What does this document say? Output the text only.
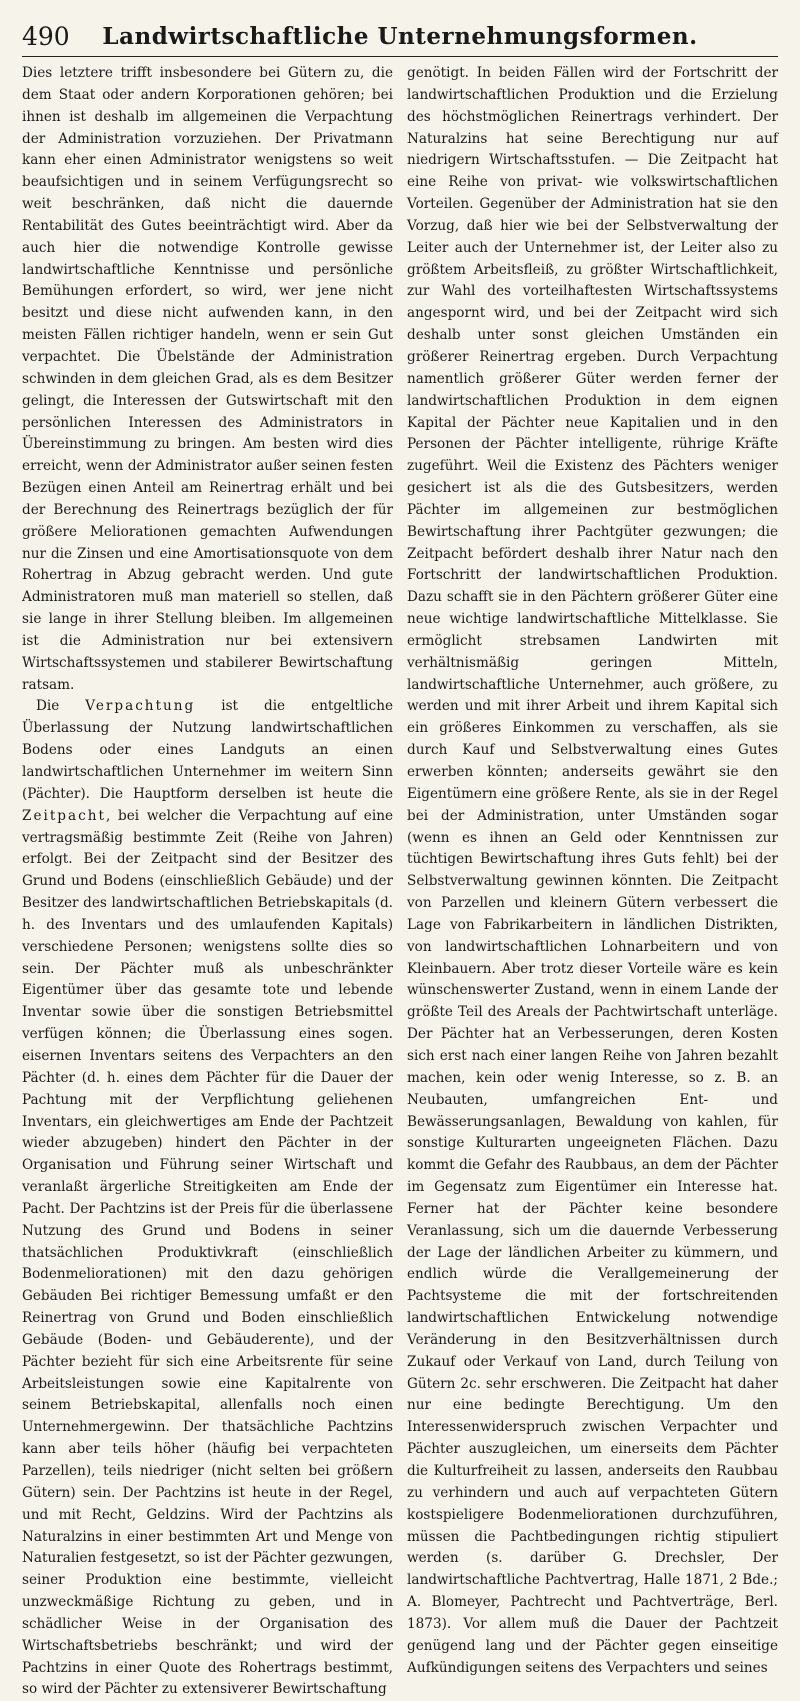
490	Landwirtschaftliche Unternehmungsformen.

Dies letztere trifft insbesondere bei Gütern zu, die dem Staat oder andern Korporationen gehören; bei ihnen ist deshalb im allgemeinen die Verpachtung der Administration vorzuziehen. Der Privatmann kann eher einen Administrator wenigstens so weit beaufsichtigen und in seinem Verfügungsrecht so weit beschränken, daß nicht die dauernde Rentabilität des Gutes beeinträchtigt wird. Aber da auch hier die notwendige Kontrolle gewisse landwirtschaftliche Kenntnisse und persönliche Bemühungen erfordert, so wird, wer jene nicht besitzt und diese nicht aufwenden kann, in den meisten Fällen richtiger handeln, wenn er sein Gut verpachtet. Die Übelstände der Administration schwinden in dem gleichen Grad, als es dem Besitzer gelingt, die Interessen der Gutswirtschaft mit den persönlichen Interessen des Administrators in Übereinstimmung zu bringen. Am besten wird dies erreicht, wenn der Administrator außer seinen festen Bezügen einen Anteil am Reinertrag erhält und bei der Berechnung des Reinertrags bezüglich der für größere Meliorationen gemachten Aufwendungen nur die Zinsen und eine Amortisationsquote von dem Rohertrag in Abzug gebracht werden. Und gute Administratoren muß man materiell so stellen, daß sie lange in ihrer Stellung bleiben. Im allgemeinen ist die Administration nur bei extensivern Wirtschaftssystemen und stabilerer Bewirtschaftung ratsam.

Die Verpachtung ist die entgeltliche Überlassung der Nutzung landwirtschaftlichen Bodens oder eines Landguts an einen landwirtschaftlichen Unternehmer im weitern Sinn (Pächter). Die Hauptform derselben ist heute die Zeitpacht, bei welcher die Verpachtung auf eine vertragsmäßig bestimmte Zeit (Reihe von Jahren) erfolgt. Bei der Zeitpacht sind der Besitzer des Grund und Bodens (einschließlich Gebäude) und der Besitzer des landwirtschaftlichen Betriebskapitals (d. h. des Inventars und des umlaufenden Kapitals) verschiedene Personen; wenigstens sollte dies so sein. Der Pächter muß als unbeschränkter Eigentümer über das gesamte tote und lebende Inventar sowie über die sonstigen Betriebsmittel verfügen können; die Überlassung eines sogen. eisernen Inventars seitens des Verpachters an den Pächter (d. h. eines dem Pächter für die Dauer der Pachtung mit der Verpflichtung geliehenen Inventars, ein gleichwertiges am Ende der Pachtzeit wieder abzugeben) hindert den Pächter in der Organisation und Führung seiner Wirtschaft und veranlaßt ärgerliche Streitigkeiten am Ende der Pacht. Der Pachtzins ist der Preis für die überlassene Nutzung des Grund und Bodens in seiner thatsächlichen Produktivkraft (einschließlich Bodenmeliorationen) mit den dazu gehörigen Gebäuden Bei richtiger Bemessung umfaßt er den Reinertrag von Grund und Boden einschließlich Gebäude (Boden- und Gebäuderente), und der Pächter bezieht für sich eine Arbeitsrente für seine Arbeitsleistungen sowie eine Kapitalrente von seinem Betriebskapital, allenfalls noch einen Unternehmergewinn. Der thatsächliche Pachtzins kann aber teils höher (häufig bei verpachteten Parzellen), teils niedriger (nicht selten bei größern Gütern) sein. Der Pachtzins ist heute in der Regel, und mit Recht, Geldzins. Wird der Pachtzins als Naturalzins in einer bestimmten Art und Menge von Naturalien festgesetzt, so ist der Pächter gezwungen, seiner Produktion eine bestimmte, vielleicht unzweckmäßige Richtung zu geben, und in schädlicher Weise in der Organisation des Wirtschaftsbetriebs beschränkt; und wird der Pachtzins in einer Quote des Rohertrags bestimmt, so wird der Pächter zu extensiverer Bewirtschaftung

genötigt. In beiden Fällen wird der Fortschritt der landwirtschaftlichen Produktion und die Erzielung des höchstmöglichen Reinertrags verhindert. Der Naturalzins hat seine Berechtigung nur auf niedrigern Wirtschaftsstufen. — Die Zeitpacht hat eine Reihe von privat- wie volkswirtschaftlichen Vorteilen. Gegenüber der Administration hat sie den Vorzug, daß hier wie bei der Selbstverwaltung der Leiter auch der Unternehmer ist, der Leiter also zu größtem Arbeitsfleiß, zu größter Wirtschaftlichkeit, zur Wahl des vorteilhaftesten Wirtschaftssystems angespornt wird, und bei der Zeitpacht wird sich deshalb unter sonst gleichen Umständen ein größerer Reinertrag ergeben. Durch Verpachtung namentlich größerer Güter werden ferner der landwirtschaftlichen Produktion in dem eignen Kapital der Pächter neue Kapitalien und in den Personen der Pächter intelligente, rührige Kräfte zugeführt. Weil die Existenz des Pächters weniger gesichert ist als die des Gutsbesitzers, werden Pächter im allgemeinen zur bestmöglichen Bewirtschaftung ihrer Pachtgüter gezwungen; die Zeitpacht befördert deshalb ihrer Natur nach den Fortschritt der landwirtschaftlichen Produktion. Dazu schafft sie in den Pächtern größerer Güter eine neue wichtige landwirtschaftliche Mittelklasse. Sie ermöglicht strebsamen Landwirten mit verhältnismäßig geringen Mitteln, landwirtschaftliche Unternehmer, auch größere, zu werden und mit ihrer Arbeit und ihrem Kapital sich ein größeres Einkommen zu verschaffen, als sie durch Kauf und Selbstverwaltung eines Gutes erwerben könnten; anderseits gewährt sie den Eigentümern eine größere Rente, als sie in der Regel bei der Administration, unter Umständen sogar (wenn es ihnen an Geld oder Kenntnissen zur tüchtigen Bewirtschaftung ihres Guts fehlt) bei der Selbstverwaltung gewinnen könnten. Die Zeitpacht von Parzellen und kleinern Gütern verbessert die Lage von Fabrikarbeitern in ländlichen Distrikten, von landwirtschaftlichen Lohnarbeitern und von Kleinbauern. Aber trotz dieser Vorteile wäre es kein wünschenswerter Zustand, wenn in einem Lande der größte Teil des Areals der Pachtwirtschaft unterläge. Der Pächter hat an Verbesserungen, deren Kosten sich erst nach einer langen Reihe von Jahren bezahlt machen, kein oder wenig Interesse, so z. B. an Neubauten, umfangreichen Ent- und Bewässerungsanlagen, Bewaldung von kahlen, für sonstige Kulturarten ungeeigneten Flächen. Dazu kommt die Gefahr des Raubbaus, an dem der Pächter im Gegensatz zum Eigentümer ein Interesse hat. Ferner hat der Pächter keine besondere Veranlassung, sich um die dauernde Verbesserung der Lage der ländlichen Arbeiter zu kümmern, und endlich würde die Verallgemeinerung der Pachtsysteme die mit der fortschreitenden landwirtschaftlichen Entwickelung notwendige Veränderung in den Besitzverhältnissen durch Zukauf oder Verkauf von Land, durch Teilung von Gütern 2c. sehr erschweren. Die Zeitpacht hat daher nur eine bedingte Berechtigung. Um den Interessenwiderspruch zwischen Verpachter und Pächter auszugleichen, um einerseits dem Pächter die Kulturfreiheit zu lassen, anderseits den Raubbau zu verhindern und auch auf verpachteten Gütern kostspieligere Bodenmeliorationen durchzuführen, müssen die Pachtbedingungen richtig stipuliert werden (s. darüber G. Drechsler, Der landwirtschaftliche Pachtvertrag, Halle 1871, 2 Bde.; A. Blomeyer, Pachtrecht und Pachtverträge, Berl. 1873). Vor allem muß die Dauer der Pachtzeit genügend lang und der Pächter gegen einseitige Aufkündigungen seitens des Verpachters und seines
